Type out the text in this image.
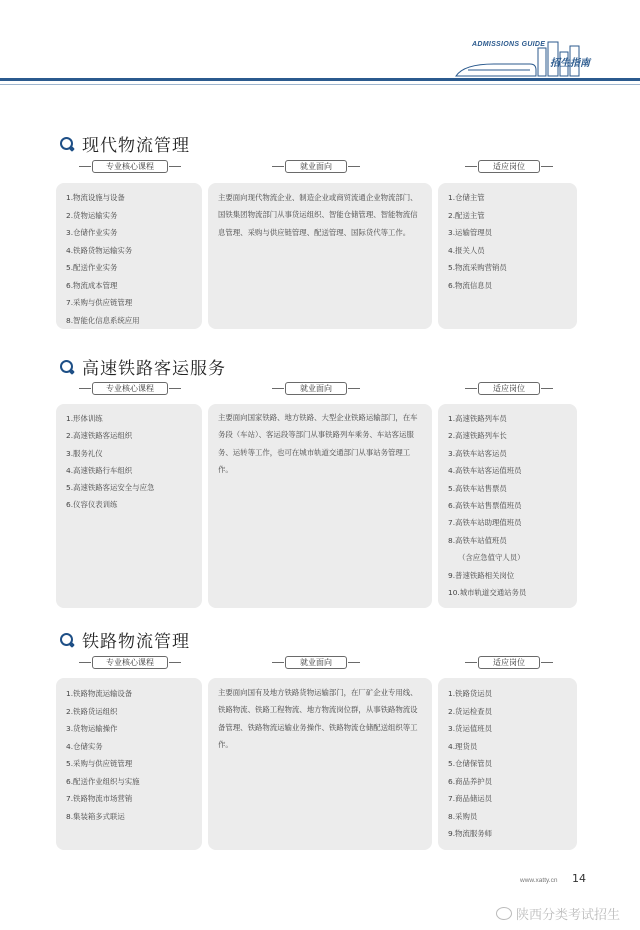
ADMISSIONS GUIDE
招生指南
现代物流管理
专业核心课程	就业面向	适应岗位
1.物流设施与设备
2.货物运输实务
3.仓储作业实务
4.铁路货物运输实务
5.配送作业实务
6.物流成本管理
7.采购与供应链管理
8.智能化信息系统应用

主要面向现代物流企业、制造企业或商贸流通企业物流部门、国铁集团物流部门从事货运组织、智能仓储管理、智能物流信息管理、采购与供应链管理、配送管理、国际货代等工作。

1.仓储主管
2.配送主管
3.运输管理员
4.报关人员
5.物流采购营销员
6.物流信息员
高速铁路客运服务
专业核心课程	就业面向	适应岗位
1.形体训练
2.高速铁路客运组织
3.服务礼仪
4.高速铁路行车组织
5.高速铁路客运安全与应急
6.仪容仪表训练

主要面向国家铁路、地方铁路、大型企业铁路运输部门，在车务段（车站）、客运段等部门从事铁路列车乘务、车站客运服务、运转等工作，也可在城市轨道交通部门从事站务管理工作。

1.高速铁路列车员
2.高速铁路列车长
3.高铁车站客运员
4.高铁车站客运值班员
5.高铁车站售票员
6.高铁车站售票值班员
7.高铁车站助理值班员
8.高铁车站值班员
（含应急值守人员）
9.普速铁路相关岗位
10.城市轨道交通站务员
铁路物流管理
专业核心课程	就业面向	适应岗位
1.铁路物流运输设备
2.铁路货运组织
3.货物运输操作
4.仓储实务
5.采购与供应链管理
6.配送作业组织与实施
7.铁路物流市场营销
8.集装箱多式联运

主要面向国有及地方铁路货物运输部门，在厂矿企业专用线、铁路物流、铁路工程物流、地方物流岗位群，从事铁路物流设备管理、铁路物流运输业务操作、铁路物流仓储配送组织等工作。

1.铁路货运员
2.货运检查员
3.货运值班员
4.理货员
5.仓储保管员
6.商品养护员
7.商品储运员
8.采购员
9.物流服务师
www.xatty.cn 14
陕西分类考试招生
